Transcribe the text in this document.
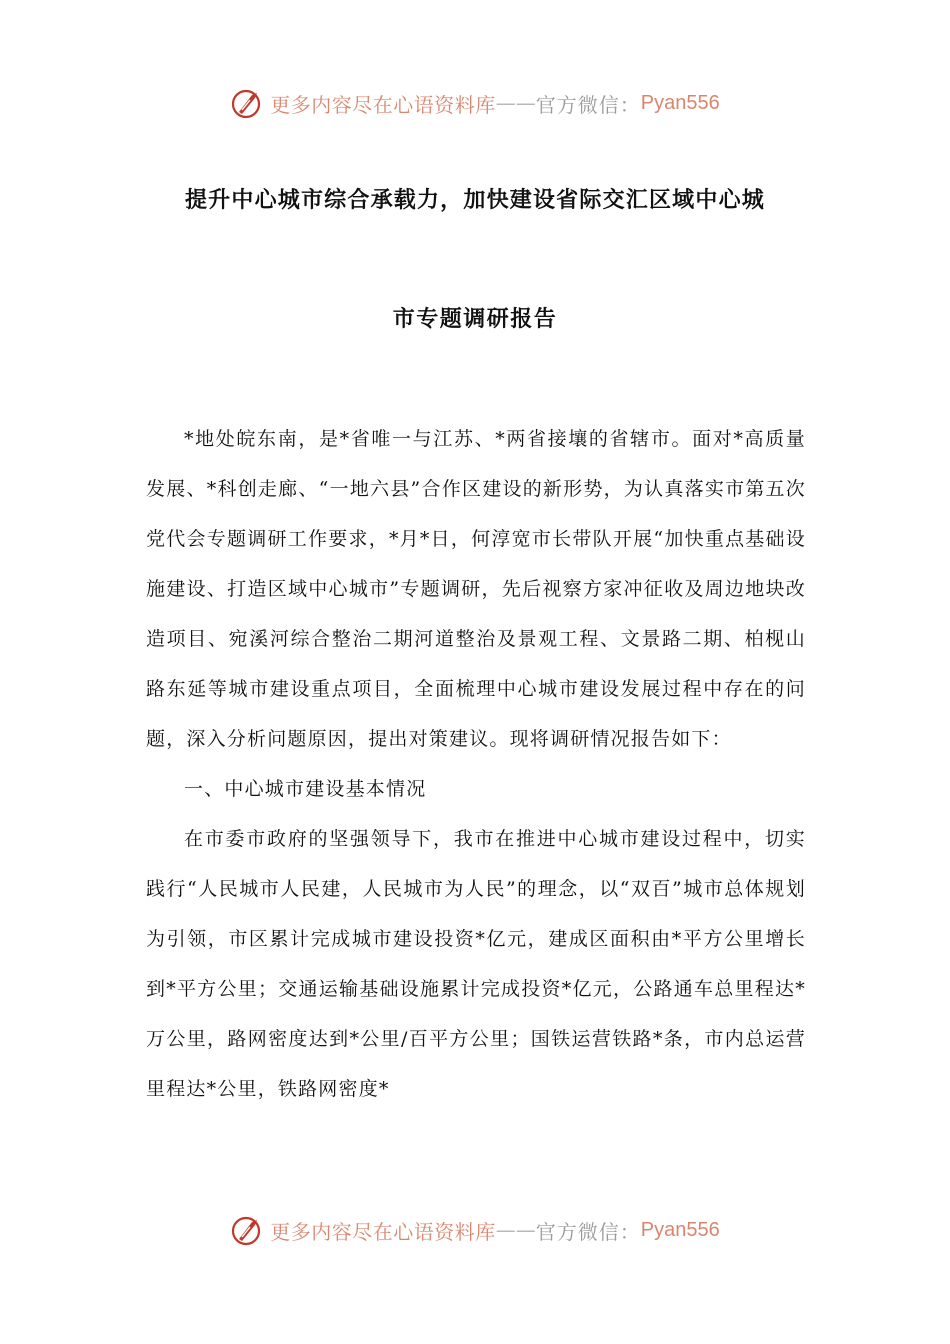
更多内容尽在心语资料库 —— 官方微信： Pyan556
提升中心城市综合承载力，加快建设省际交汇区域中心城
市专题调研报告

*地处皖东南，是*省唯一与江苏、*两省接壤的省辖市。面对*高质量发展、*科创走廊、“一地六县”合作区建设的新形势，为认真落实市第五次党代会专题调研工作要求，*月*日，何淳宽市长带队开展“加快重点基础设施建设、打造区域中心城市”专题调研，先后视察方家冲征收及周边地块改造项目、宛溪河综合整治二期河道整治及景观工程、文景路二期、柏枧山路东延等城市建设重点项目，全面梳理中心城市建设发展过程中存在的问题，深入分析问题原因，提出对策建议。现将调研情况报告如下：

一、中心城市建设基本情况

在市委市政府的坚强领导下，我市在推进中心城市建设过程中，切实践行“人民城市人民建，人民城市为人民”的理念，以“双百”城市总体规划为引领，市区累计完成城市建设投资*亿元，建成区面积由*平方公里增长到*平方公里；交通运输基础设施累计完成投资*亿元，公路通车总里程达*万公里，路网密度达到*公里/百平方公里；国铁运营铁路*条，市内总运营里程达*公里，铁路网密度*

更多内容尽在心语资料库 —— 官方微信： Pyan556
